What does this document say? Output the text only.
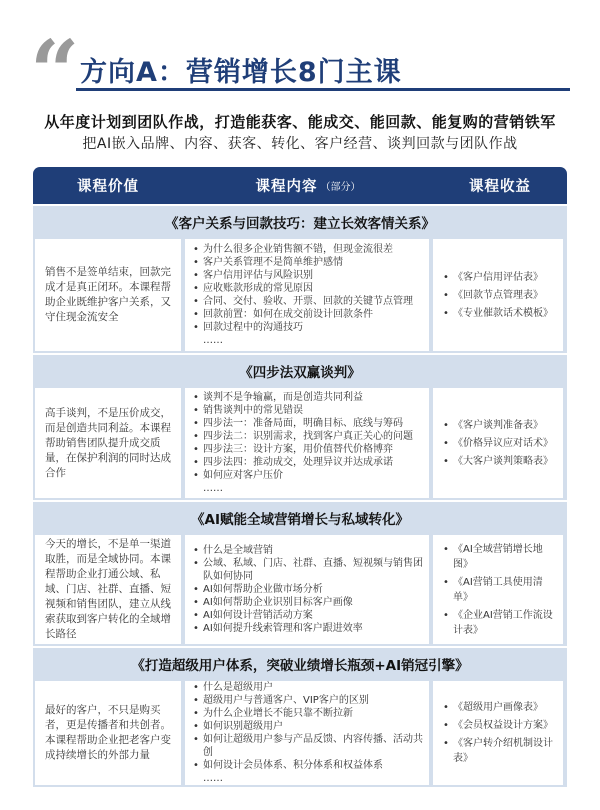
“ 方向A：营销增长8门主课
从年度计划到团队作战，打造能获客、能成交、能回款、能复购的营销铁军
把AI嵌入品牌、内容、获客、转化、客户经营、谈判回款与团队作战
课程价值	课程内容 （部分）	课程收益
《客户关系与回款技巧：建立长效客情关系》
销售不是签单结束，回款完成才是真正闭环。本课程帮助企业既维护客户关系，又守住现金流安全
• 为什么很多企业销售额不错，但现金流很差
• 客户关系管理不是简单维护感情
• 客户信用评估与风险识别
• 应收账款形成的常见原因
• 合同、交付、验收、开票、回款的关键节点管理
• 回款前置：如何在成交前设计回款条件
• 回款过程中的沟通技巧
……
• 《客户信用评估表》
• 《回款节点管理表》
• 《专业催款话术模板》
《四步法双赢谈判》
高手谈判，不是压价成交，而是创造共同利益。本课程帮助销售团队提升成交质量，在保护利润的同时达成合作
• 谈判不是争输赢，而是创造共同利益
• 销售谈判中的常见错误
• 四步法一：准备局面，明确目标、底线与筹码
• 四步法二：识别需求，找到客户真正关心的问题
• 四步法三：设计方案，用价值替代价格博弈
• 四步法四：推动成交，处理异议并达成承诺
• 如何应对客户压价
……
• 《客户谈判准备表》
• 《价格异议应对话术》
• 《大客户谈判策略表》
《AI赋能全域营销增长与私域转化》
今天的增长，不是单一渠道取胜，而是全域协同。本课程帮助企业打通公域、私域、门店、社群、直播、短视频和销售团队，建立从线索获取到客户转化的全域增长路径
• 什么是全域营销
• 公域、私域、门店、社群、直播、短视频与销售团队如何协同
• AI如何帮助企业做市场分析
• AI如何帮助企业识别目标客户画像
• AI如何设计营销活动方案
• AI如何提升线索管理和客户跟进效率
• 《AI全域营销增长地图》
• 《AI营销工具使用清单》
• 《企业AI营销工作流设计表》
《打造超级用户体系，突破业绩增长瓶颈+AI销冠引擎》
最好的客户，不只是购买者，更是传播者和共创者。本课程帮助企业把老客户变成持续增长的外部力量
• 什么是超级用户
• 超级用户与普通客户、VIP客户的区别
• 为什么企业增长不能只靠不断拉新
• 如何识别超级用户
• 如何让超级用户参与产品反馈、内容传播、活动共创
• 如何设计会员体系、积分体系和权益体系
……
• 《超级用户画像表》
• 《会员权益设计方案》
• 《客户转介绍机制设计表》
